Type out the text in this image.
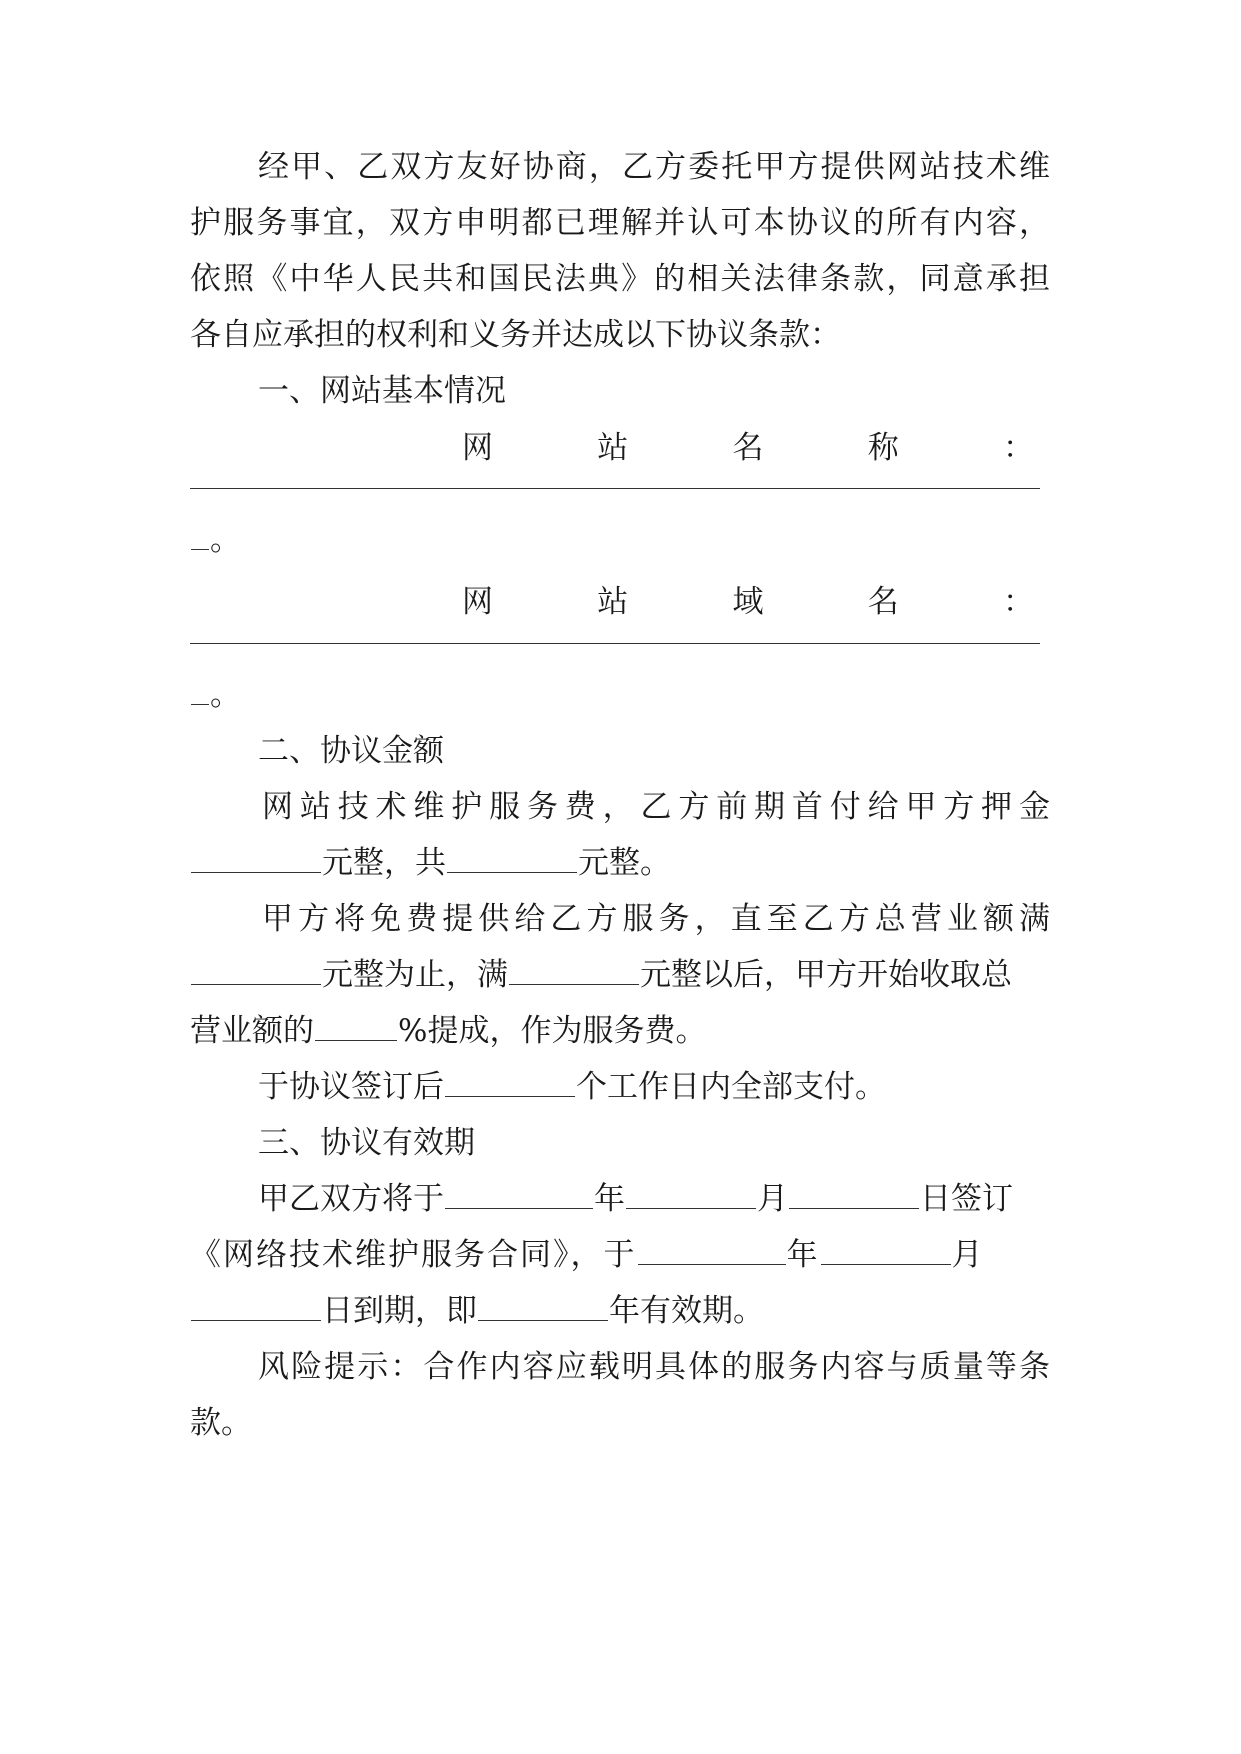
经甲、乙双方友好协商，乙方委托甲方提供网站技术维
护服务事宜，双方申明都已理解并认可本协议的所有内容，
依照《中华人民共和国民法典》的相关法律条款，同意承担
各自应承担的权利和义务并达成以下协议条款：
一、网站基本情况
网	站	名	称	：
。
网	站	域	名	：
。
二、协议金额
网站技术维护服务费，乙方前期首付给甲方押金
元整，共	元整。
甲方将免费提供给乙方服务，直至乙方总营业额满
元整为止，满	元整以后，甲方开始收取总
营业额的	%提成，作为服务费。
于协议签订后	个工作日内全部支付。
三、协议有效期
甲乙双方将于	年	月	日签订
《网络技术维护服务合同》，于	年	月
日到期，即	年有效期。
风险提示：合作内容应载明具体的服务内容与质量等条
款。
